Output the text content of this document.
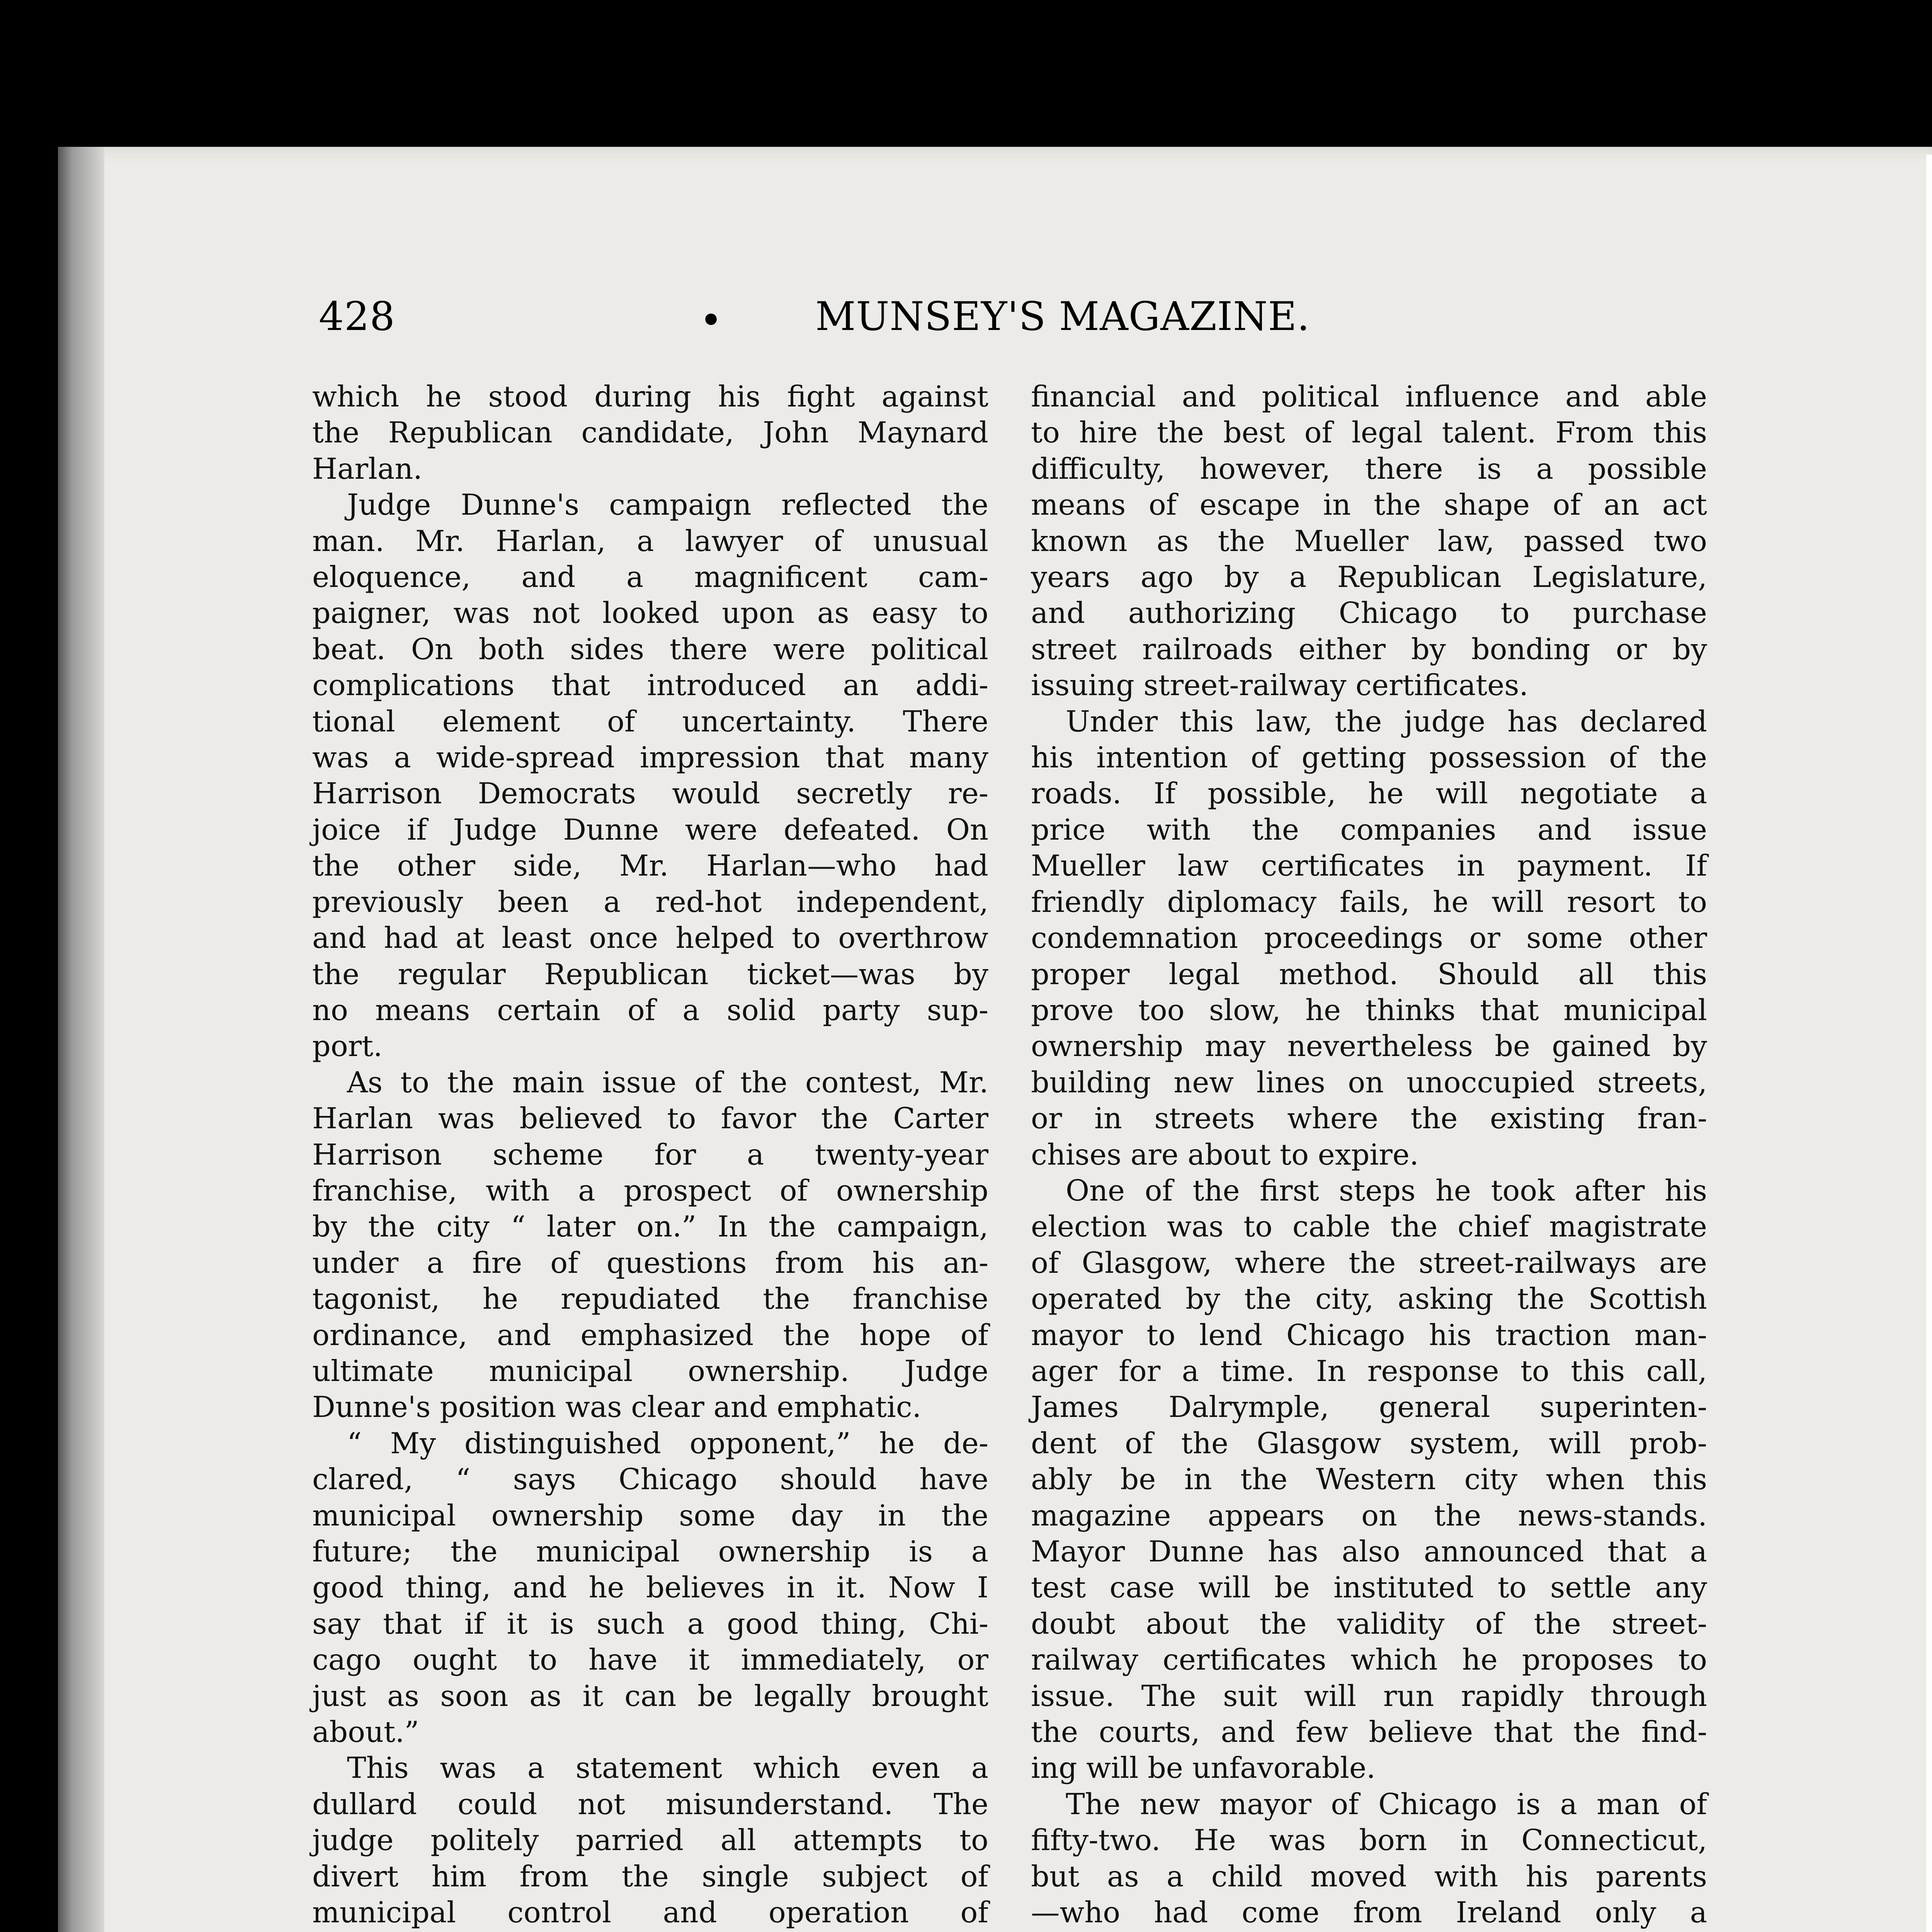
428	• MUNSEY'S MAGAZINE.

which he stood during his fight against
the Republican candidate, John Maynard
Harlan.

Judge Dunne's campaign reflected the
man. Mr. Harlan, a lawyer of unusual
eloquence, and a magnificent cam-
paigner, was not looked upon as easy to
beat. On both sides there were political
complications that introduced an addi-
tional element of uncertainty. There
was a wide-spread impression that many
Harrison Democrats would secretly re-
joice if Judge Dunne were defeated. On
the other side, Mr. Harlan—who had
previously been a red-hot independent,
and had at least once helped to overthrow
the regular Republican ticket—was by
no means certain of a solid party sup-
port.

As to the main issue of the contest, Mr.
Harlan was believed to favor the Carter
Harrison scheme for a twenty-year
franchise, with a prospect of ownership
by the city “ later on.” In the campaign,
under a fire of questions from his an-
tagonist, he repudiated the franchise
ordinance, and emphasized the hope of
ultimate municipal ownership. Judge
Dunne's position was clear and emphatic.

“ My distinguished opponent,” he de-
clared, “ says Chicago should have
municipal ownership some day in the
future; the municipal ownership is a
good thing, and he believes in it. Now I
say that if it is such a good thing, Chi-
cago ought to have it immediately, or
just as soon as it can be legally brought
about.”

This was a statement which even a
dullard could not misunderstand. The
judge politely parried all attempts to
divert him from the single subject of
municipal control and operation of

financial and political influence and able
to hire the best of legal talent. From this
difficulty, however, there is a possible
means of escape in the shape of an act
known as the Mueller law, passed two
years ago by a Republican Legislature,
and authorizing Chicago to purchase
street railroads either by bonding or by
issuing street-railway certificates.

Under this law, the judge has declared
his intention of getting possession of the
roads. If possible, he will negotiate a
price with the companies and issue
Mueller law certificates in payment. If
friendly diplomacy fails, he will resort to
condemnation proceedings or some other
proper legal method. Should all this
prove too slow, he thinks that municipal
ownership may nevertheless be gained by
building new lines on unoccupied streets,
or in streets where the existing fran-
chises are about to expire.

One of the first steps he took after his
election was to cable the chief magistrate
of Glasgow, where the street-railways are
operated by the city, asking the Scottish
mayor to lend Chicago his traction man-
ager for a time. In response to this call,
James Dalrymple, general superinten-
dent of the Glasgow system, will prob-
ably be in the Western city when this
magazine appears on the news-stands.
Mayor Dunne has also announced that a
test case will be instituted to settle any
doubt about the validity of the street-
railway certificates which he proposes to
issue. The suit will run rapidly through
the courts, and few believe that the find-
ing will be unfavorable.

The new mayor of Chicago is a man of
fifty-two. He was born in Connecticut,
but as a child moved with his parents
—who had come from Ireland only a
